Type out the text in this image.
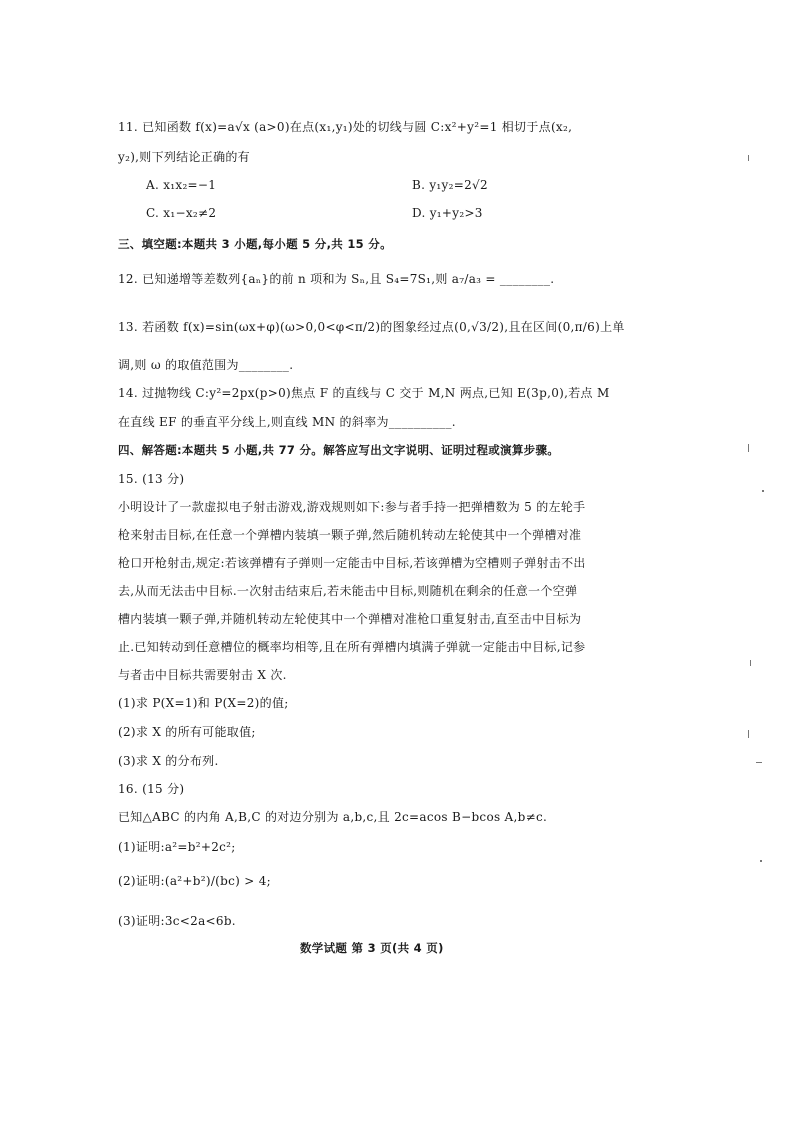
11. 已知函数 f(x)=a√x (a>0)在点(x₁,y₁)处的切线与圆 C:x²+y²=1 相切于点(x₂,
y₂),则下列结论正确的有
A. x₁x₂=−1	B. y₁y₂=2√2
C. x₁−x₂≠2	D. y₁+y₂>3
三、填空题:本题共 3 小题,每小题 5 分,共 15 分。
12. 已知递增等差数列{aₙ}的前 n 项和为 Sₙ,且 S₄=7S₁,则 a₇/a₃ = ________.
13. 若函数 f(x)=sin(ωx+φ)(ω>0,0<φ<π/2)的图象经过点(0,√3/2),且在区间(0,π/6)上单
调,则 ω 的取值范围为________.
14. 过抛物线 C:y²=2px(p>0)焦点 F 的直线与 C 交于 M,N 两点,已知 E(3p,0),若点 M
在直线 EF 的垂直平分线上,则直线 MN 的斜率为__________.
四、解答题:本题共 5 小题,共 77 分。解答应写出文字说明、证明过程或演算步骤。
15. (13 分)
小明设计了一款虚拟电子射击游戏,游戏规则如下:参与者手持一把弹槽数为 5 的左轮手
枪来射击目标,在任意一个弹槽内装填一颗子弹,然后随机转动左轮使其中一个弹槽对准
枪口开枪射击,规定:若该弹槽有子弹则一定能击中目标,若该弹槽为空槽则子弹射击不出
去,从而无法击中目标.一次射击结束后,若未能击中目标,则随机在剩余的任意一个空弹
槽内装填一颗子弹,并随机转动左轮使其中一个弹槽对准枪口重复射击,直至击中目标为
止.已知转动到任意槽位的概率均相等,且在所有弹槽内填满子弹就一定能击中目标,记参
与者击中目标共需要射击 X 次.
(1)求 P(X=1)和 P(X=2)的值;
(2)求 X 的所有可能取值;
(3)求 X 的分布列.
16. (15 分)
已知△ABC 的内角 A,B,C 的对边分别为 a,b,c,且 2c=acos B−bcos A,b≠c.
(1)证明:a²=b²+2c²;
(2)证明:(a²+b²)/(bc) > 4;
(3)证明:3c<2a<6b.
数学试题 第 3 页(共 4 页)
